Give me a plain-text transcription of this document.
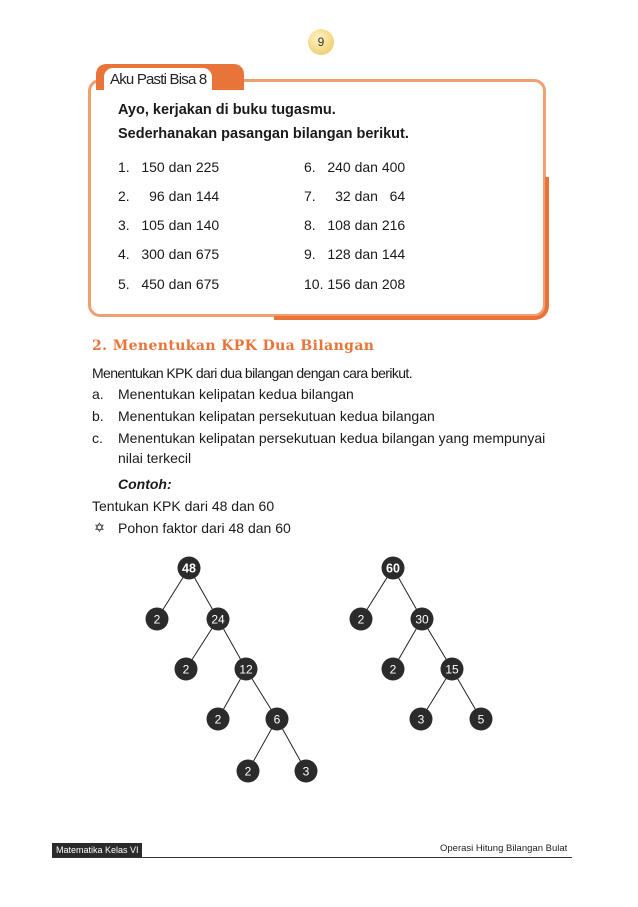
9
Aku Pasti Bisa 8
Ayo, kerjakan di buku tugasmu.
Sederhanakan pasangan bilangan berikut.
1.   150 dan 225
2.     96 dan 144
3.   105 dan 140
4.   300 dan 675
5.   450 dan 675
6.   240 dan 400
7.     32 dan   64
8.   108 dan 216
9.   128 dan 144
10. 156 dan 208
2. Menentukan KPK Dua Bilangan
Menentukan KPK dari dua bilangan dengan cara berikut.
a. Menentukan kelipatan kedua bilangan
b. Menentukan kelipatan persekutuan kedua bilangan
c. Menentukan kelipatan persekutuan kedua bilangan yang mempunyai
nilai terkecil
Contoh:
Tentukan KPK dari 48 dan 60
✡ Pohon faktor dari 48 dan 60
48
2	24
2	12
2	6
2	3
60
2	30
2	15
3	5
Matematika Kelas VI	Operasi Hitung Bilangan Bulat
